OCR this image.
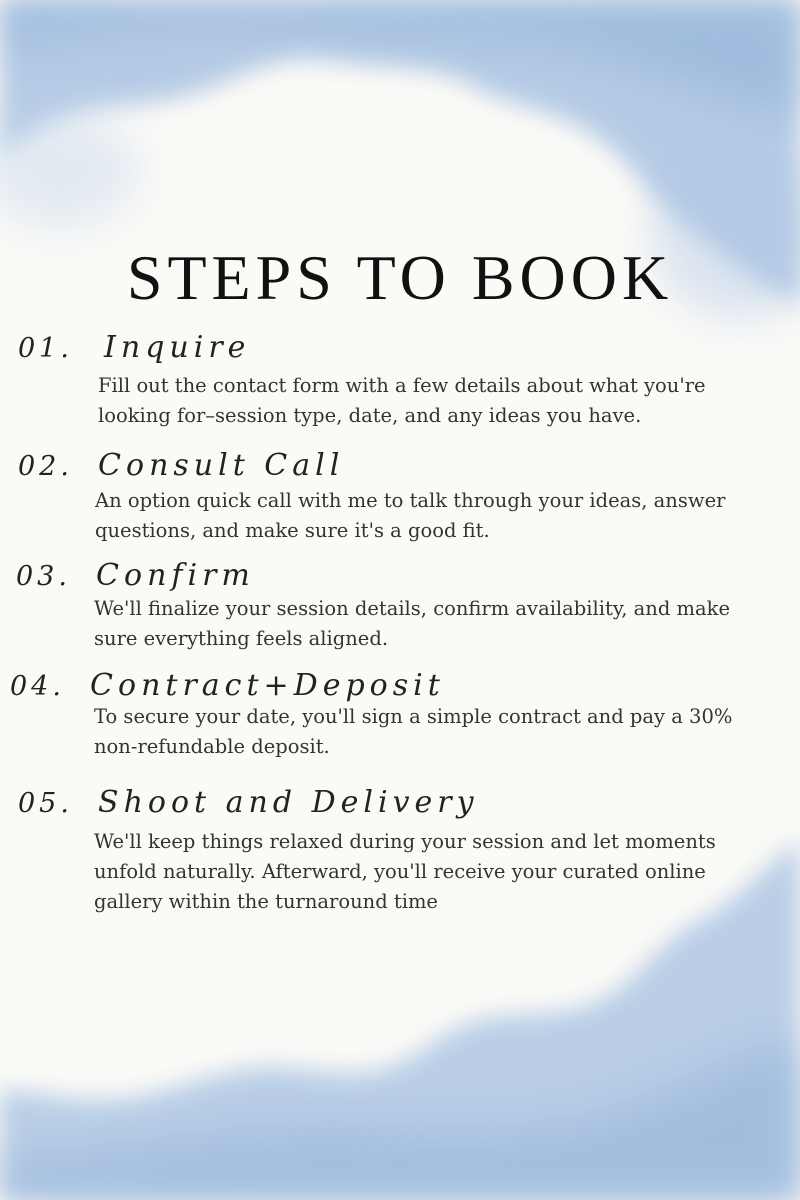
STEPS TO BOOK
01. Inquire

Fill out the contact form with a few details about what you're looking for–session type, date, and any ideas you have.

02. Consult Call

An option quick call with me to talk through your ideas, answer questions, and make sure it's a good fit.

03. Confirm

We'll finalize your session details, confirm availability, and make sure everything feels aligned.

04. Contract+Deposit

To secure your date, you'll sign a simple contract and pay a 30% non-refundable deposit.

05. Shoot and Delivery

We'll keep things relaxed during your session and let moments unfold naturally. Afterward, you'll receive your curated online gallery within the turnaround time
